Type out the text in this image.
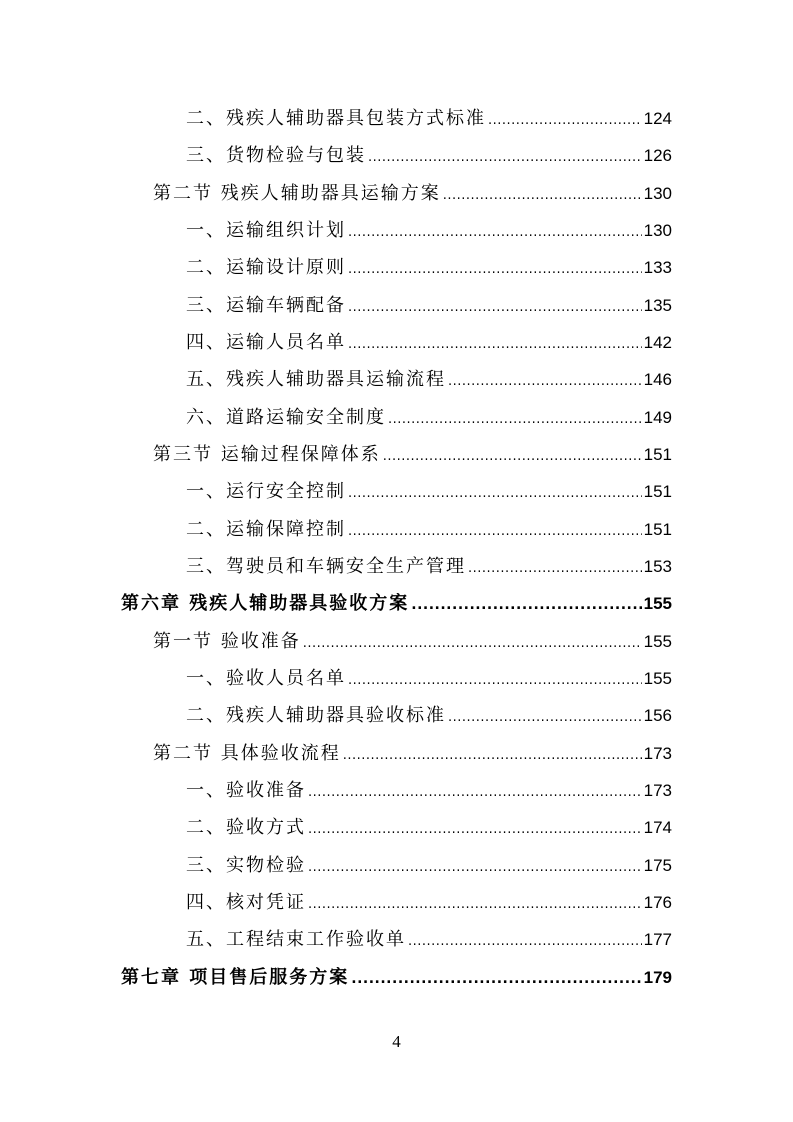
二、残疾人辅助器具包装方式标准 .....	124
三、货物检验与包装 .....	126
第二节 残疾人辅助器具运输方案 .....	130
一、运输组织计划 .....	130
二、运输设计原则 .....	133
三、运输车辆配备 .....	135
四、运输人员名单 .....	142
五、残疾人辅助器具运输流程 .....	146
六、道路运输安全制度 .....	149
第三节 运输过程保障体系 .....	151
一、运行安全控制 .....	151
二、运输保障控制 .....	151
三、驾驶员和车辆安全生产管理 .....	153
第六章 残疾人辅助器具验收方案 .....	155
第一节 验收准备 .....	155
一、验收人员名单 .....	155
二、残疾人辅助器具验收标准 .....	156
第二节 具体验收流程 .....	173
一、验收准备 .....	173
二、验收方式 .....	174
三、实物检验 .....	175
四、核对凭证 .....	176
五、工程结束工作验收单 .....	177
第七章 项目售后服务方案 .....	179
4
